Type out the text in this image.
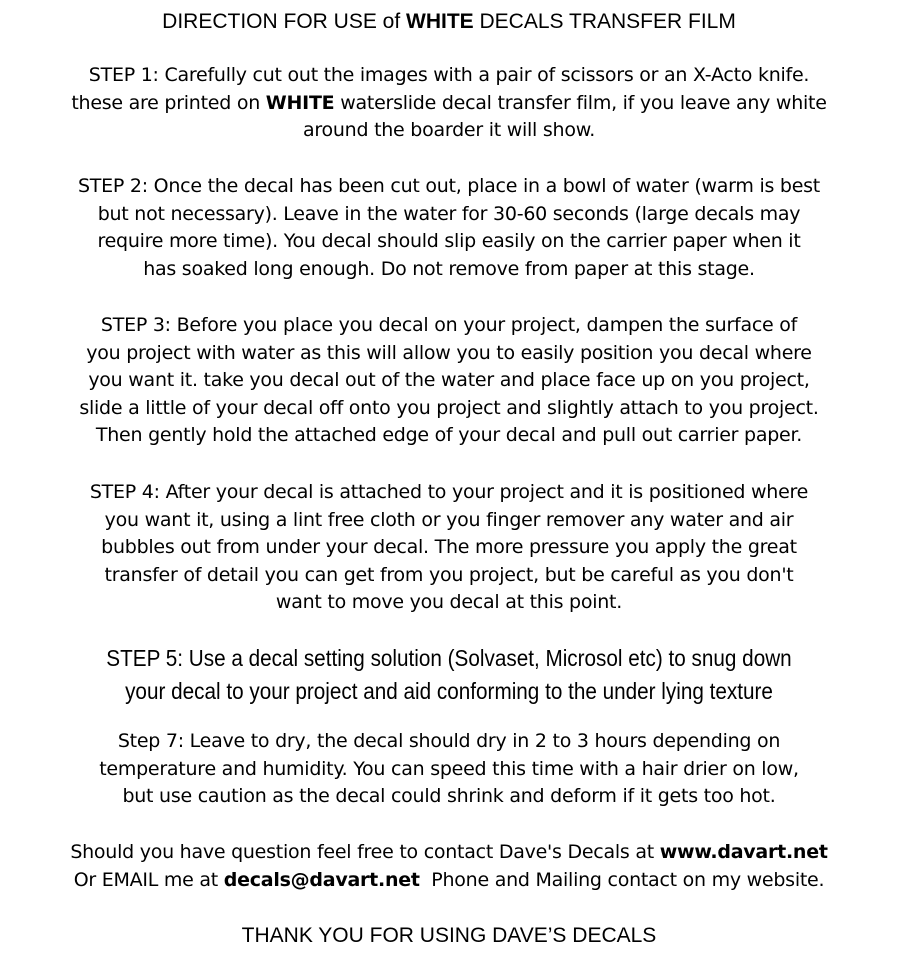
DIRECTION FOR USE of WHITE DECALS TRANSFER FILM
STEP 1: Carefully cut out the images with a pair of scissors or an X-Acto knife.
these are printed on WHITE waterslide decal transfer film, if you leave any white
around the boarder it will show.
STEP 2: Once the decal has been cut out, place in a bowl of water (warm is best
but not necessary). Leave in the water for 30-60 seconds (large decals may
require more time). You decal should slip easily on the carrier paper when it
has soaked long enough. Do not remove from paper at this stage.
STEP 3: Before you place you decal on your project, dampen the surface of
you project with water as this will allow you to easily position you decal where
you want it. take you decal out of the water and place face up on you project,
slide a little of your decal off onto you project and slightly attach to you project.
Then gently hold the attached edge of your decal and pull out carrier paper.
STEP 4: After your decal is attached to your project and it is positioned where
you want it, using a lint free cloth or you finger remover any water and air
bubbles out from under your decal. The more pressure you apply the great
transfer of detail you can get from you project, but be careful as you don't
want to move you decal at this point.
STEP 5: Use a decal setting solution (Solvaset, Microsol etc) to snug down
your decal to your project and aid conforming to the under lying texture
Step 7: Leave to dry, the decal should dry in 2 to 3 hours depending on
temperature and humidity. You can speed this time with a hair drier on low,
but use caution as the decal could shrink and deform if it gets too hot.
Should you have question feel free to contact Dave's Decals at www.davart.net
Or EMAIL me at decals@davart.net  Phone and Mailing contact on my website.
THANK YOU FOR USING DAVE’S DECALS
